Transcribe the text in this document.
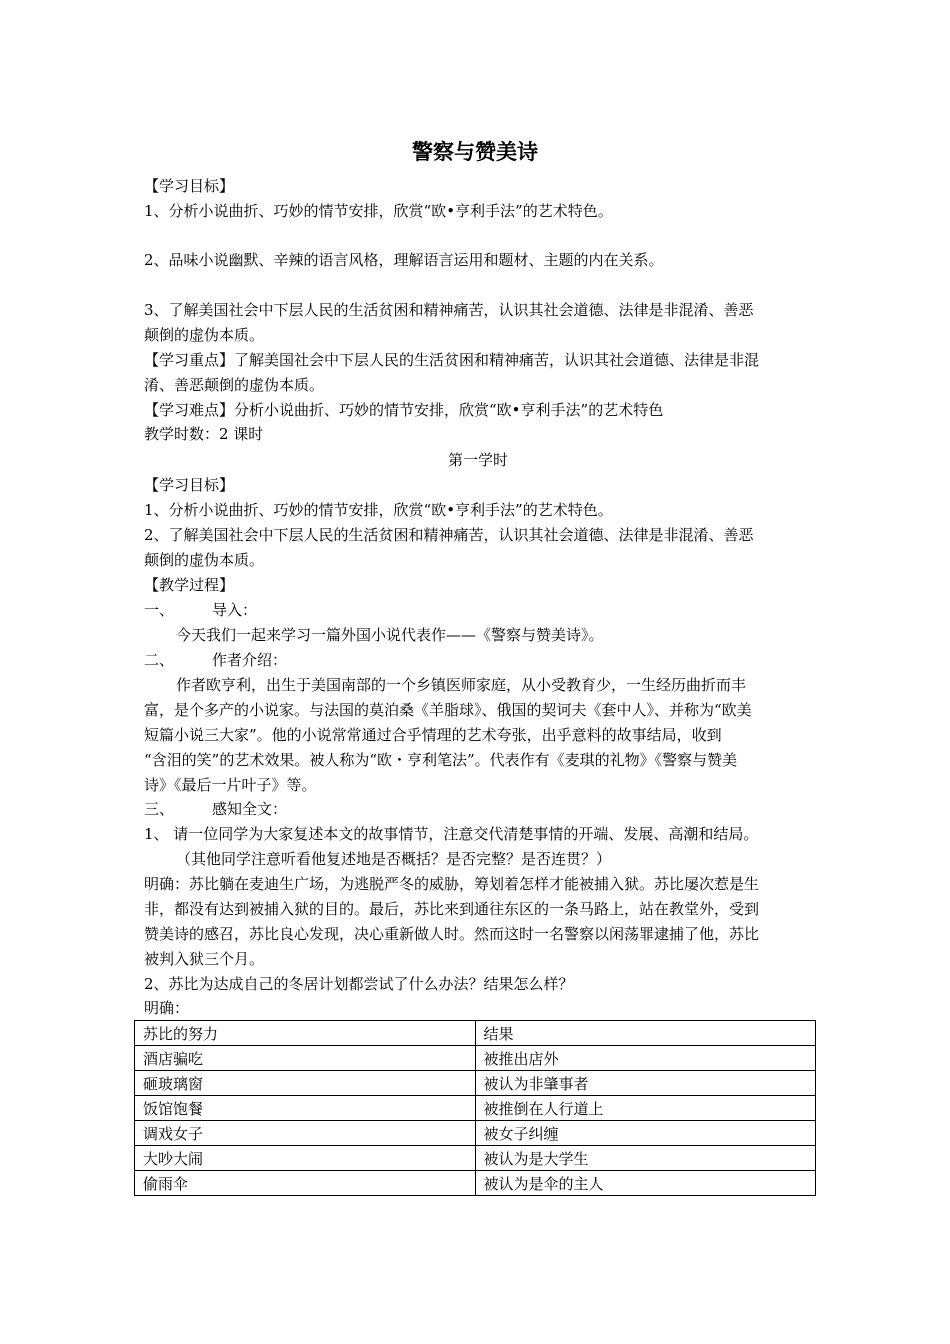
警察与赞美诗
【学习目标】
1、分析小说曲折、巧妙的情节安排，欣赏“欧•亨利手法”的艺术特色。
2、品味小说幽默、辛辣的语言风格，理解语言运用和题材、主题的内在关系。
3、了解美国社会中下层人民的生活贫困和精神痛苦，认识其社会道德、法律是非混淆、善恶
颠倒的虚伪本质。
【学习重点】了解美国社会中下层人民的生活贫困和精神痛苦，认识其社会道德、法律是非混
淆、善恶颠倒的虚伪本质。
【学习难点】分析小说曲折、巧妙的情节安排，欣赏“欧•亨利手法”的艺术特色
教学时数：2 课时
第一学时
【学习目标】
1、分析小说曲折、巧妙的情节安排，欣赏“欧•亨利手法”的艺术特色。
2、了解美国社会中下层人民的生活贫困和精神痛苦，认识其社会道德、法律是非混淆、善恶
颠倒的虚伪本质。
【教学过程】
一、	导入：
今天我们一起来学习一篇外国小说代表作——《警察与赞美诗》。
二、	作者介绍：
作者欧亨利，出生于美国南部的一个乡镇医师家庭，从小受教育少，一生经历曲折而丰
富，是个多产的小说家。与法国的莫泊桑《羊脂球》、俄国的契诃夫《套中人》、并称为“欧美
短篇小说三大家”。他的小说常常通过合乎情理的艺术夸张，出乎意料的故事结局，收到
“含泪的笑”的艺术效果。被人称为“欧・亨利笔法”。代表作有《麦琪的礼物》《警察与赞美
诗》《最后一片叶子》等。
三、	感知全文：
1、 请一位同学为大家复述本文的故事情节，注意交代清楚事情的开端、发展、高潮和结局。
（其他同学注意听看他复述地是否概括？是否完整？是否连贯？）
明确：苏比躺在麦迪生广场，为逃脱严冬的威胁，筹划着怎样才能被捕入狱。苏比屡次惹是生
非，都没有达到被捕入狱的目的。最后，苏比来到通往东区的一条马路上，站在教堂外，受到
赞美诗的感召，苏比良心发现，决心重新做人时。然而这时一名警察以闲荡罪逮捕了他，苏比
被判入狱三个月。
2、苏比为达成自己的冬居计划都尝试了什么办法？结果怎么样？
明确：
苏比的努力	结果
酒店骗吃	被推出店外
砸玻璃窗	被认为非肇事者
饭馆饱餐	被推倒在人行道上
调戏女子	被女子纠缠
大吵大闹	被认为是大学生
偷雨伞	被认为是伞的主人
